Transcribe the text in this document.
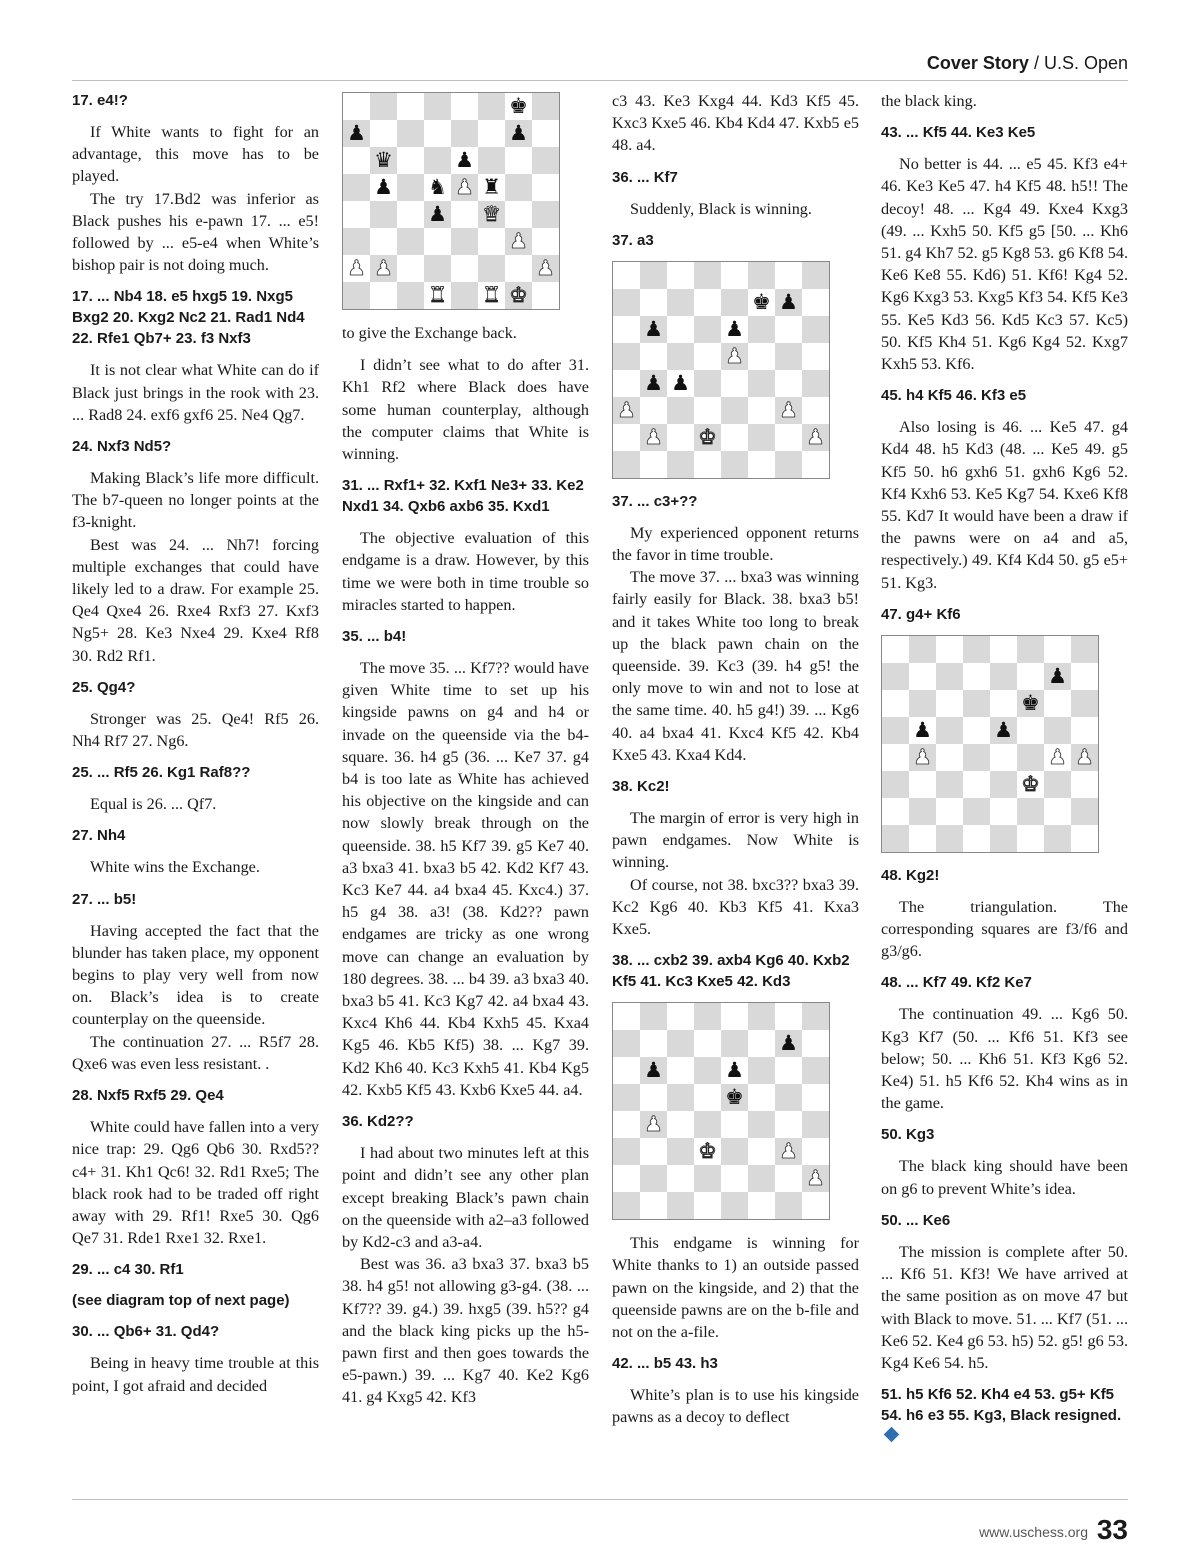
Cover Story / U.S. Open
17. e4!?

If White wants to fight for an advantage, this move has to be played.

The try 17.Bd2 was inferior as Black pushes his e-pawn 17. ... e5! followed by ... e5-e4 when White’s bishop pair is not doing much.

17. ... Nb4 18. e5 hxg5 19. Nxg5 Bxg2 20. Kxg2 Nc2 21. Rad1 Nd4 22. Rfe1 Qb7+ 23. f3 Nxf3

It is not clear what White can do if Black just brings in the rook with 23. ... Rad8 24. exf6 gxf6 25. Ne4 Qg7.

24. Nxf3 Nd5?

Making Black’s life more difficult. The b7-queen no longer points at the f3-knight.

Best was 24. ... Nh7! forcing multiple exchanges that could have likely led to a draw. For example 25. Qe4 Qxe4 26. Rxe4 Rxf3 27. Kxf3 Ng5+ 28. Ke3 Nxe4 29. Kxe4 Rf8 30. Rd2 Rf1.

25. Qg4?

Stronger was 25. Qe4! Rf5 26. Nh4 Rf7 27. Ng6.

25. ... Rf5 26. Kg1 Raf8??

Equal is 26. ... Qf7.

27. Nh4

White wins the Exchange.

27. ... b5!

Having accepted the fact that the blunder has taken place, my opponent begins to play very well from now on. Black’s idea is to create counterplay on the queenside.

The continuation 27. ... R5f7 28. Qxe6 was even less resistant. .

28. Nxf5 Rxf5 29. Qe4

White could have fallen into a very nice trap: 29. Qg6 Qb6 30. Rxd5?? c4+ 31. Kh1 Qc6! 32. Rd1 Rxe5; The black rook had to be traded off right away with 29. Rf1! Rxe5 30. Qg6 Qe7 31. Rde1 Rxe1 32. Rxe1.

29. ... c4 30. Rf1
(see diagram top of next page)
30. ... Qb6+ 31. Qd4?

Being in heavy time trouble at this point, I got afraid and decided

♚
♟	♟
♛	♟
♟ ♞ ♟ ♜
♟ ♛
♟
♟ ♟	♟
♜ ♜ ♚

to give the Exchange back.

I didn’t see what to do after 31. Kh1 Rf2 where Black does have some human counterplay, although the computer claims that White is winning.

31. ... Rxf1+ 32. Kxf1 Ne3+ 33. Ke2 Nxd1 34. Qxb6 axb6 35. Kxd1

The objective evaluation of this endgame is a draw. However, by this time we were both in time trouble so miracles started to happen.

35. ... b4!

The move 35. ... Kf7?? would have given White time to set up his kingside pawns on g4 and h4 or invade on the queenside via the b4-square. 36. h4 g5 (36. ... Ke7 37. g4 b4 is too late as White has achieved his objective on the kingside and can now slowly break through on the queenside. 38. h5 Kf7 39. g5 Ke7 40. a3 bxa3 41. bxa3 b5 42. Kd2 Kf7 43. Kc3 Ke7 44. a4 bxa4 45. Kxc4.) 37. h5 g4 38. a3! (38. Kd2?? pawn endgames are tricky as one wrong move can change an evaluation by 180 degrees. 38. ... b4 39. a3 bxa3 40. bxa3 b5 41. Kc3 Kg7 42. a4 bxa4 43. Kxc4 Kh6 44. Kb4 Kxh5 45. Kxa4 Kg5 46. Kb5 Kf5) 38. ... Kg7 39. Kd2 Kh6 40. Kc3 Kxh5 41. Kb4 Kg5 42. Kxb5 Kf5 43. Kxb6 Kxe5 44. a4.

36. Kd2??

I had about two minutes left at this point and didn’t see any other plan except breaking Black’s pawn chain on the queenside with a2–a3 followed by Kd2-c3 and a3-a4.

Best was 36. a3 bxa3 37. bxa3 b5 38. h4 g5! not allowing g3-g4. (38. ... Kf7?? 39. g4.) 39. hxg5 (39. h5?? g4 and the black king picks up the h5-pawn first and then goes towards the e5-pawn.) 39. ... Kg7 40. Ke2 Kg6 41. g4 Kxg5 42. Kf3

c3 43. Ke3 Kxg4 44. Kd3 Kf5 45. Kxc3 Kxe5 46. Kb4 Kd4 47. Kxb5 e5 48. a4.

36. ... Kf7

Suddenly, Black is winning.

37. a3
♚ ♟
♟	♟
♟
♟ ♟
♟	♟
♟ ♚	♟
37. ... c3+??

My experienced opponent returns the favor in time trouble.

The move 37. ... bxa3 was winning fairly easily for Black. 38. bxa3 b5! and it takes White too long to break up the black pawn chain on the queenside. 39. Kc3 (39. h4 g5! the only move to win and not to lose at the same time. 40. h5 g4!) 39. ... Kg6 40. a4 bxa4 41. Kxc4 Kf5 42. Kb4 Kxe5 43. Kxa4 Kd4.

38. Kc2!

The margin of error is very high in pawn endgames. Now White is winning.

Of course, not 38. bxc3?? bxa3 39. Kc2 Kg6 40. Kb3 Kf5 41. Kxa3 Kxe5.

38. ... cxb2 39. axb4 Kg6 40. Kxb2 Kf5 41. Kc3 Kxe5 42. Kd3
♟
♟	♟
♚
♟
♚	♟
♟

This endgame is winning for White thanks to 1) an outside passed pawn on the kingside, and 2) that the queenside pawns are on the b-file and not on the a-file.

42. ... b5 43. h3

White’s plan is to use his kingside pawns as a decoy to deflect

the black king.

43. ... Kf5 44. Ke3 Ke5

No better is 44. ... e5 45. Kf3 e4+ 46. Ke3 Ke5 47. h4 Kf5 48. h5!! The decoy! 48. ... Kg4 49. Kxe4 Kxg3 (49. ... Kxh5 50. Kf5 g5 [50. ... Kh6 51. g4 Kh7 52. g5 Kg8 53. g6 Kf8 54. Ke6 Ke8 55. Kd6) 51. Kf6! Kg4 52. Kg6 Kxg3 53. Kxg5 Kf3 54. Kf5 Ke3 55. Ke5 Kd3 56. Kd5 Kc3 57. Kc5) 50. Kf5 Kh4 51. Kg6 Kg4 52. Kxg7 Kxh5 53. Kf6.

45. h4 Kf5 46. Kf3 e5

Also losing is 46. ... Ke5 47. g4 Kd4 48. h5 Kd3 (48. ... Ke5 49. g5 Kf5 50. h6 gxh6 51. gxh6 Kg6 52. Kf4 Kxh6 53. Ke5 Kg7 54. Kxe6 Kf8 55. Kd7 It would have been a draw if the pawns were on a4 and a5, respectively.) 49. Kf4 Kd4 50. g5 e5+ 51. Kg3.

47. g4+ Kf6
♟
♚
♟	♟
♟	♟ ♟
♚
48. Kg2!

The triangulation. The corresponding squares are f3/f6 and g3/g6.

48. ... Kf7 49. Kf2 Ke7

The continuation 49. ... Kg6 50. Kg3 Kf7 (50. ... Kf6 51. Kf3 see below; 50. ... Kh6 51. Kf3 Kg6 52. Ke4) 51. h5 Kf6 52. Kh4 wins as in the game.

50. Kg3

The black king should have been on g6 to prevent White’s idea.

50. ... Ke6

The mission is complete after 50. ... Kf6 51. Kf3! We have arrived at the same position as on move 47 but with Black to move. 51. ... Kf7 (51. ... Ke6 52. Ke4 g6 53. h5) 52. g5! g6 53. Kg4 Ke6 54. h5.

51. h5 Kf6 52. Kh4 e4 53. g5+ Kf5 54. h6 e3 55. Kg3, Black resigned.
www.uschess.org 33
